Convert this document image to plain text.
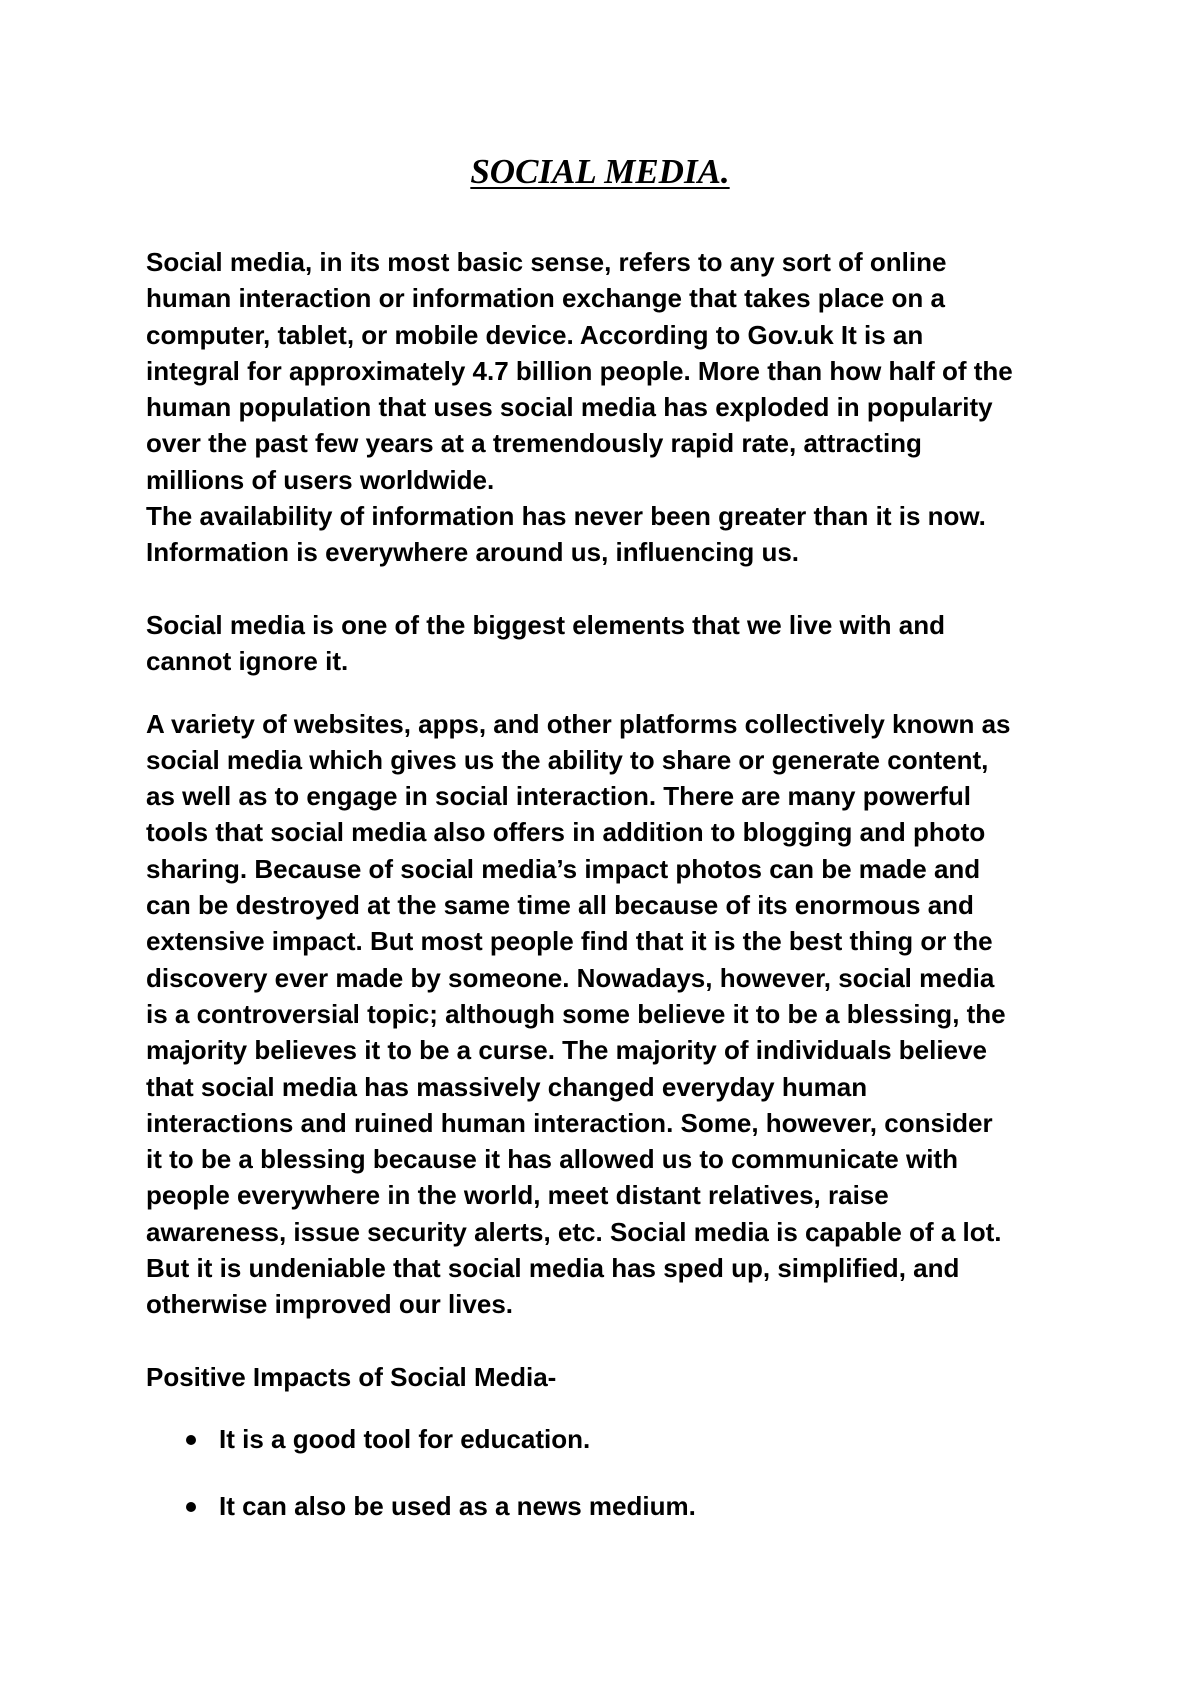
SOCIAL MEDIA.
Social media, in its most basic sense, refers to any sort of online
human interaction or information exchange that takes place on a
computer, tablet, or mobile device. According to Gov.uk It is an
integral for approximately 4.7 billion people. More than how half of the
human population that uses social media has exploded in popularity
over the past few years at a tremendously rapid rate, attracting
millions of users worldwide.
The availability of information has never been greater than it is now.
Information is everywhere around us, influencing us.
Social media is one of the biggest elements that we live with and
cannot ignore it.
A variety of websites, apps, and other platforms collectively known as
social media which gives us the ability to share or generate content,
as well as to engage in social interaction. There are many powerful
tools that social media also offers in addition to blogging and photo
sharing. Because of social media’s impact photos can be made and
can be destroyed at the same time all because of its enormous and
extensive impact. But most people find that it is the best thing or the
discovery ever made by someone. Nowadays, however, social media
is a controversial topic; although some believe it to be a blessing, the
majority believes it to be a curse. The majority of individuals believe
that social media has massively changed everyday human
interactions and ruined human interaction. Some, however, consider
it to be a blessing because it has allowed us to communicate with
people everywhere in the world, meet distant relatives, raise
awareness, issue security alerts, etc. Social media is capable of a lot.
But it is undeniable that social media has sped up, simplified, and
otherwise improved our lives.
Positive Impacts of Social Media-
It is a good tool for education.
It can also be used as a news medium.
